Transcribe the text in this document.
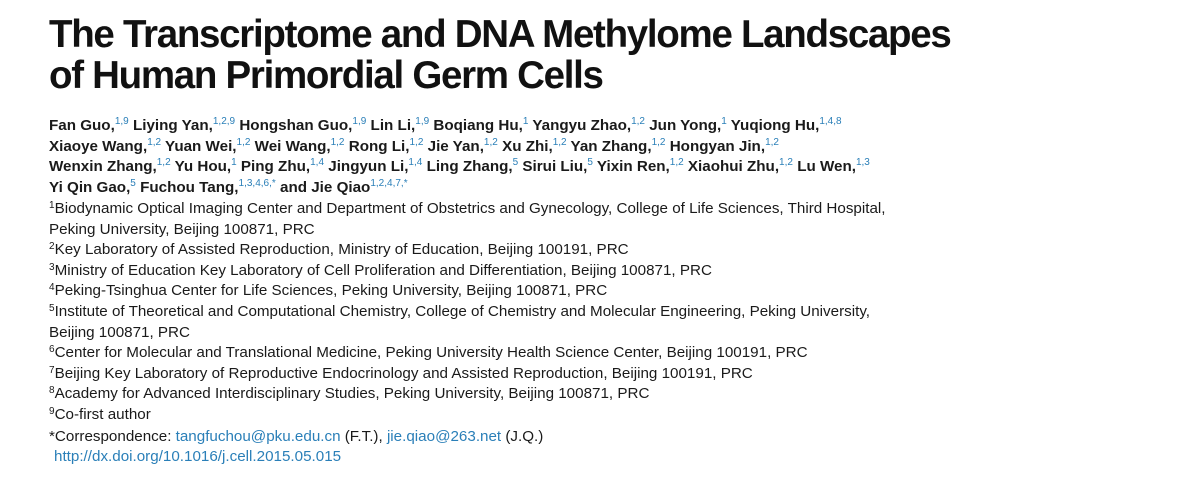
The Transcriptome and DNA Methylome Landscapes
of Human Primordial Germ Cells
Fan Guo,$^{1,9}$ Liying Yan,$^{1,2,9}$ Hongshan Guo,$^{1,9}$ Lin Li,$^{1,9}$ Boqiang Hu,$^1$ Yangyu Zhao,$^{1,2}$ Jun Yong,$^1$ Yuqiong Hu,$^{1,4,8}$
Xiaoye Wang,$^{1,2}$ Yuan Wei,$^{1,2}$ Wei Wang,$^{1,2}$ Rong Li,$^{1,2}$ Jie Yan,$^{1,2}$ Xu Zhi,$^{1,2}$ Yan Zhang,$^{1,2}$ Hongyan Jin,$^{1,2}$
Wenxin Zhang,$^{1,2}$ Yu Hou,$^1$ Ping Zhu,$^{1,4}$ Jingyun Li,$^{1,4}$ Ling Zhang,$^5$ Sirui Liu,$^5$ Yixin Ren,$^{1,2}$ Xiaohui Zhu,$^{1,2}$ Lu Wen,$^{1,3}$
Yi Qin Gao,$^5$ Fuchou Tang,$^{1,3,4,6,*}$ and Jie Qiao$^{1,2,4,7,*}$
$^1$Biodynamic Optical Imaging Center and Department of Obstetrics and Gynecology, College of Life Sciences, Third Hospital,
Peking University, Beijing 100871, PRC
$^2$Key Laboratory of Assisted Reproduction, Ministry of Education, Beijing 100191, PRC
$^3$Ministry of Education Key Laboratory of Cell Proliferation and Differentiation, Beijing 100871, PRC
$^4$Peking-Tsinghua Center for Life Sciences, Peking University, Beijing 100871, PRC
$^5$Institute of Theoretical and Computational Chemistry, College of Chemistry and Molecular Engineering, Peking University,
Beijing 100871, PRC
$^6$Center for Molecular and Translational Medicine, Peking University Health Science Center, Beijing 100191, PRC
$^7$Beijing Key Laboratory of Reproductive Endocrinology and Assisted Reproduction, Beijing 100191, PRC
$^8$Academy for Advanced Interdisciplinary Studies, Peking University, Beijing 100871, PRC
$^9$Co-first author
*Correspondence: tangfuchou@pku.edu.cn (F.T.), jie.qiao@263.net (J.Q.)
http://dx.doi.org/10.1016/j.cell.2015.05.015
